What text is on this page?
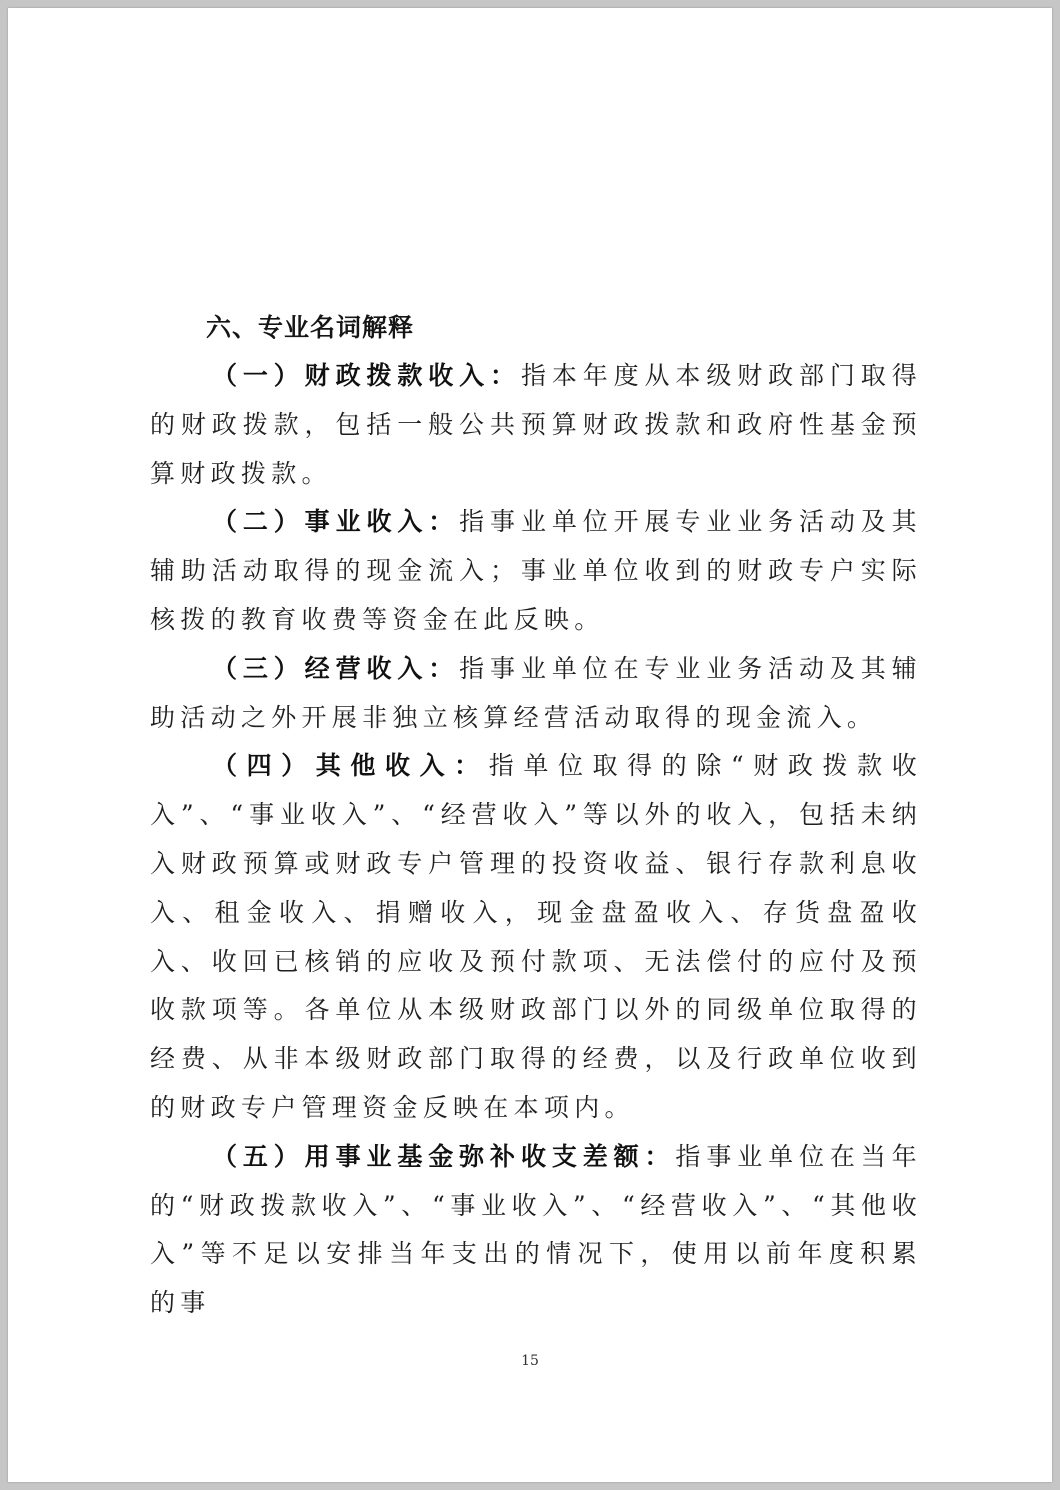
六、专业名词解释

（一）财政拨款收入：指本年度从本级财政部门取得的财政拨款，包括一般公共预算财政拨款和政府性基金预算财政拨款。

（二）事业收入：指事业单位开展专业业务活动及其辅助活动取得的现金流入；事业单位收到的财政专户实际核拨的教育收费等资金在此反映。

（三）经营收入：指事业单位在专业业务活动及其辅助活动之外开展非独立核算经营活动取得的现金流入。

（四）其他收入：指单位取得的除“财政拨款收入”、“事业收入”、“经营收入”等以外的收入，包括未纳入财政预算或财政专户管理的投资收益、银行存款利息收入、租金收入、捐赠收入，现金盘盈收入、存货盘盈收入、收回已核销的应收及预付款项、无法偿付的应付及预收款项等。各单位从本级财政部门以外的同级单位取得的经费、从非本级财政部门取得的经费，以及行政单位收到的财政专户管理资金反映在本项内。

（五）用事业基金弥补收支差额：指事业单位在当年的“财政拨款收入”、“事业收入”、“经营收入”、“其他收入”等不足以安排当年支出的情况下，使用以前年度积累的事

15
